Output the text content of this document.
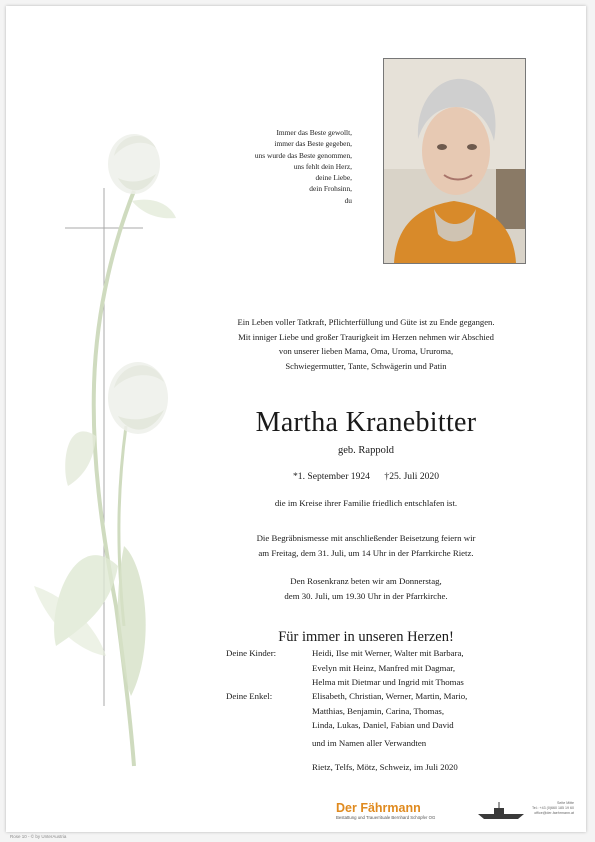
Immer das Beste gewollt,
immer das Beste gegeben,
uns wurde das Beste genommen,
uns fehlt dein Herz,
deine Liebe,
dein Frohsinn,
du
Ein Leben voller Tatkraft, Pflichterfüllung und Güte ist zu Ende gegangen.
Mit inniger Liebe und großer Traurigkeit im Herzen nehmen wir Abschied
von unserer lieben Mama, Oma, Uroma, Ururoma,
Schwiegermutter, Tante, Schwägerin und Patin
Martha Kranebitter
geb. Rappold
*1. September 1924 †25. Juli 2020
die im Kreise ihrer Familie friedlich entschlafen ist.
Die Begräbnismesse mit anschließender Beisetzung feiern wir
am Freitag, dem 31. Juli, um 14 Uhr in der Pfarrkirche Rietz.
Den Rosenkranz beten wir am Donnerstag,
dem 30. Juli, um 19.30 Uhr in der Pfarrkirche.
Für immer in unseren Herzen!
Deine Kinder:	Heidi, Ilse mit Werner, Walter mit Barbara,
Evelyn mit Heinz, Manfred mit Dagmar,
Helma mit Dietmar und Ingrid mit Thomas
Deine Enkel:	Elisabeth, Christian, Werner, Martin, Mario,
Matthias, Benjamin, Carina, Thomas,
Linda, Lukas, Daniel, Fabian und David
und im Namen aller Verwandten
Rietz, Telfs, Mötz, Schweiz, im Juli 2020
Der Fährmann
Bestattung und Trauerrituale Bernhard Schöpfer OG
Seite Mitte
Tel.: +43 (0)660 185 19 60
office@der-faehrmann.at
Rose 10 - © by UnterAustria
